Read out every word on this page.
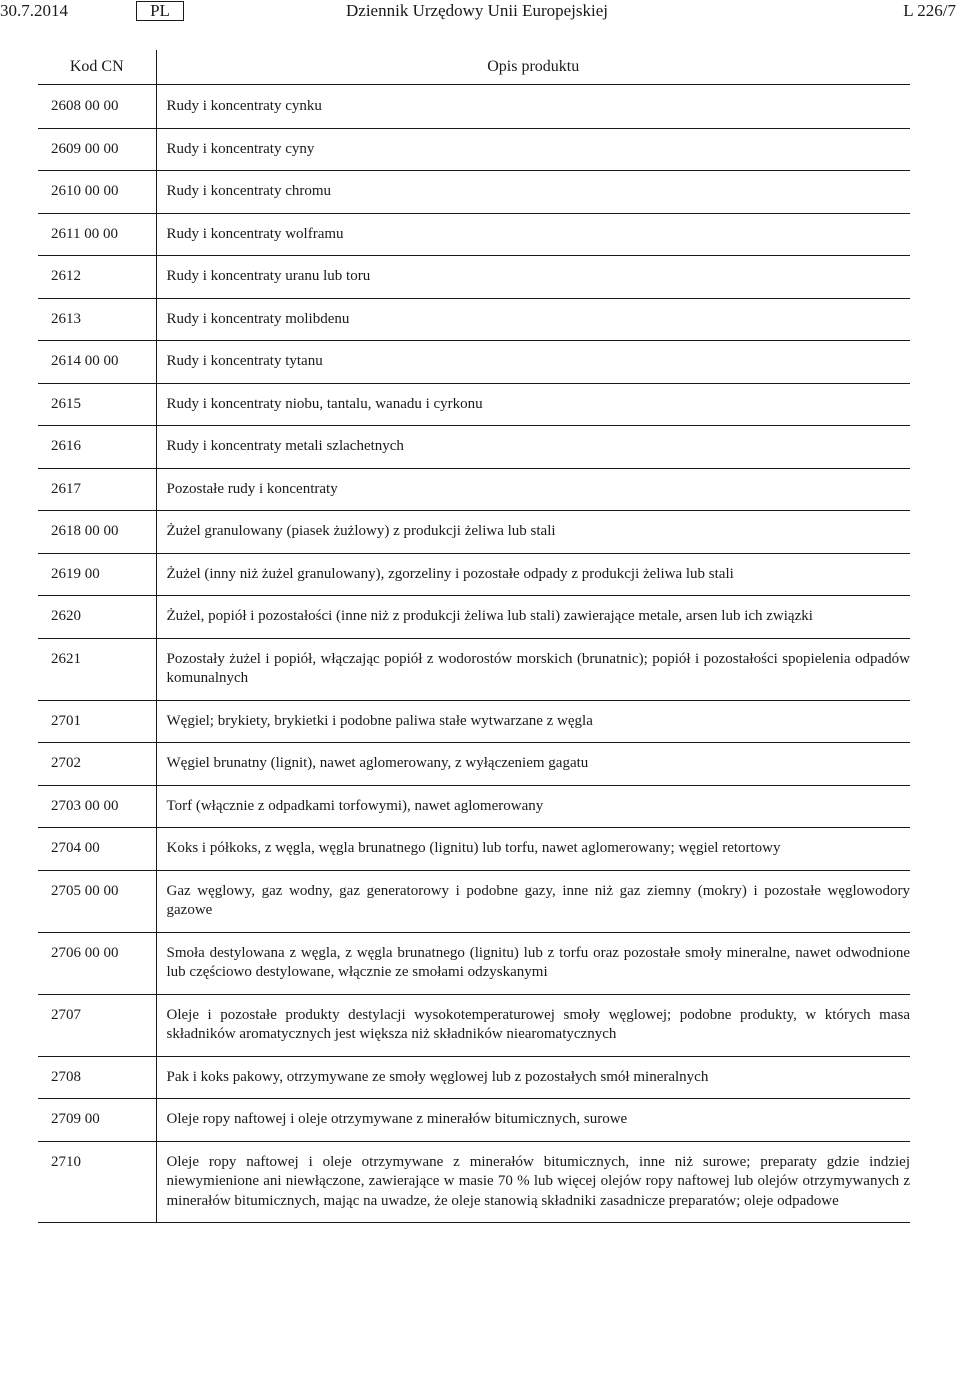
30.7.2014	PL	Dziennik Urzędowy Unii Europejskiej	L 226/7
Kod CN	Opis produktu
2608 00 00	Rudy i koncentraty cynku
2609 00 00	Rudy i koncentraty cyny
2610 00 00	Rudy i koncentraty chromu
2611 00 00	Rudy i koncentraty wolframu
2612	Rudy i koncentraty uranu lub toru
2613	Rudy i koncentraty molibdenu
2614 00 00	Rudy i koncentraty tytanu
2615	Rudy i koncentraty niobu, tantalu, wanadu i cyrkonu
2616	Rudy i koncentraty metali szlachetnych
2617	Pozostałe rudy i koncentraty
2618 00 00	Żużel granulowany (piasek żużlowy) z produkcji żeliwa lub stali
2619 00	Żużel (inny niż żużel granulowany), zgorzeliny i pozostałe odpady z produkcji żeliwa lub stali
2620	Żużel, popiół i pozostałości (inne niż z produkcji żeliwa lub stali) zawierające metale, arsen lub ich związki
2621	Pozostały żużel i popiół, włączając popiół z wodorostów morskich (brunatnic); popiół i pozostałości spopielenia odpadów komunalnych
2701	Węgiel; brykiety, brykietki i podobne paliwa stałe wytwarzane z węgla
2702	Węgiel brunatny (lignit), nawet aglomerowany, z wyłączeniem gagatu
2703 00 00	Torf (włącznie z odpadkami torfowymi), nawet aglomerowany
2704 00	Koks i półkoks, z węgla, węgla brunatnego (lignitu) lub torfu, nawet aglomerowany; węgiel retortowy
2705 00 00	Gaz węglowy, gaz wodny, gaz generatorowy i podobne gazy, inne niż gaz ziemny (mokry) i pozostałe węglowodory gazowe
2706 00 00	Smoła destylowana z węgla, z węgla brunatnego (lignitu) lub z torfu oraz pozostałe smoły mineralne, nawet odwodnione lub częściowo destylowane, włącznie ze smołami odzyskanymi
2707	Oleje i pozostałe produkty destylacji wysokotemperaturowej smoły węglowej; podobne produkty, w których masa składników aromatycznych jest większa niż składników niearomatycznych
2708	Pak i koks pakowy, otrzymywane ze smoły węglowej lub z pozostałych smół mineralnych
2709 00	Oleje ropy naftowej i oleje otrzymywane z minerałów bitumicznych, surowe
2710	Oleje ropy naftowej i oleje otrzymywane z minerałów bitumicznych, inne niż surowe; preparaty gdzie indziej niewymienione ani niewłączone, zawierające w masie 70 % lub więcej olejów ropy naftowej lub olejów otrzymywanych z minerałów bitumicznych, mając na uwadze, że oleje stanowią składniki zasadnicze preparatów; oleje odpadowe
